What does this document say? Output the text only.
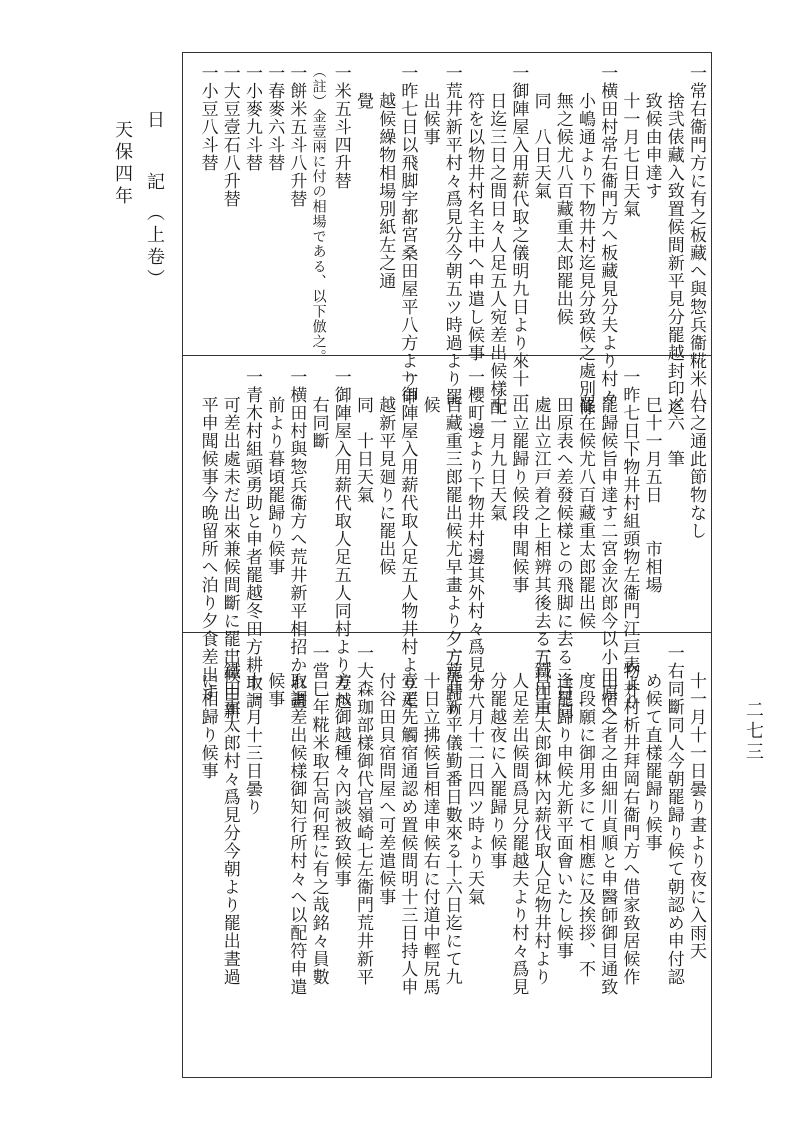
日 記 （上卷） 天保四年
二七三
一常右衞門方に有之板藏へ與惣兵衞糀米八
捨弐俵藏入致置候間新平見分罷越封印迄
致候由申達す
十一月七日天氣
一横田村常右衞門方へ板藏見分夫より村々
小嶋通より下物井村迄見分致候之處別條
無之候尤八百藏重太郎罷出候
同　八日天氣
一御陣屋入用薪代取之儀明九日より來十一
日迄三日之間日々人足五人宛差出候樣配
符を以物井村名主中へ申遣し候事
一荒井新平村々爲見分今朝五ツ時過より罷
出候事
一昨七日以飛脚宇都宮桑田屋平八方より申
越候繰物相場別紙左之通
覺
一米五斗四升替
（註）金壹兩に付の相場である、以下倣之。
一餅米五斗八升替
一春麥六斗替
一小麥九斗替
一大豆壹石八升替
一小豆八斗替
右之通此節物なし
〆六　筆
巳十一月五日　　市相場
一昨七日下物井村組頭物左衞門江戸表より
罷歸候旨申達す二宮金次郎今以小田原へ
罷在候尤八百藏重太郎罷出候
田原表へ差發候樣との飛脚に去る二日同
處出立江戸着之上相辨其後去る五日江戸
出立罷歸り候段申聞候事
十一月九日天氣
一櫻町邊より下物井村邊其外村々爲見分八
百藏重三郎罷出候尤早畫より夕方罷歸り
候
一御陣屋入用薪代取人足五人物井村より差
越新平見廻りに罷出候
同　十日天氣
一御陣屋入用薪代取人足五人同村より差越
右同斷
一横田村與惣兵衞方へ荒井新平相招かれ畫
前より暮頃罷歸り候事
一青木村組頭勇助と申者罷越冬田方耕取調
可差出處未だ出來兼候間斷に罷出候由新
平申聞候事今晩留所へ泊り夕食差出す
十一月十一日曇り晝より夜に入雨天
一右同斷同人今朝罷歸り候て朝認め申付認
め候て直樣罷歸り候事
一物井村析井拜岡右衞門方へ借家致居候作
山宿之者之由細川貞順と申醫師御目通致
度段願に御用多にて相應に及挨拶、不
逢罷歸り申候尤新平面會いたし候事
一鐵田重太郎御林內薪伐取人足物井村より
人足差出候間爲見分罷越夫より村々爲見
分罷越夜に入罷歸り候事
十一月十二日四ツ時より天氣
一荒井新平儀勤番日數來る十六日迄にて九
十日立拂候旨相達申候右に付道中輕尻馬
壹疋先觸宿通認め置候間明十三日持人申
付谷田貝宿問屋へ可差遣候事
一大森珈部樣御代官嶺崎七左衞門荒井新平
方へ御越種々內談被致候事
一當巳年糀米取石高何程に有之哉銘々員數
取調差出候樣御知行所村々へ以配符申遣
候事
十一月十三日曇り
一鐵田重太郎村々爲見分今朝より罷出晝過
に相歸り候事
